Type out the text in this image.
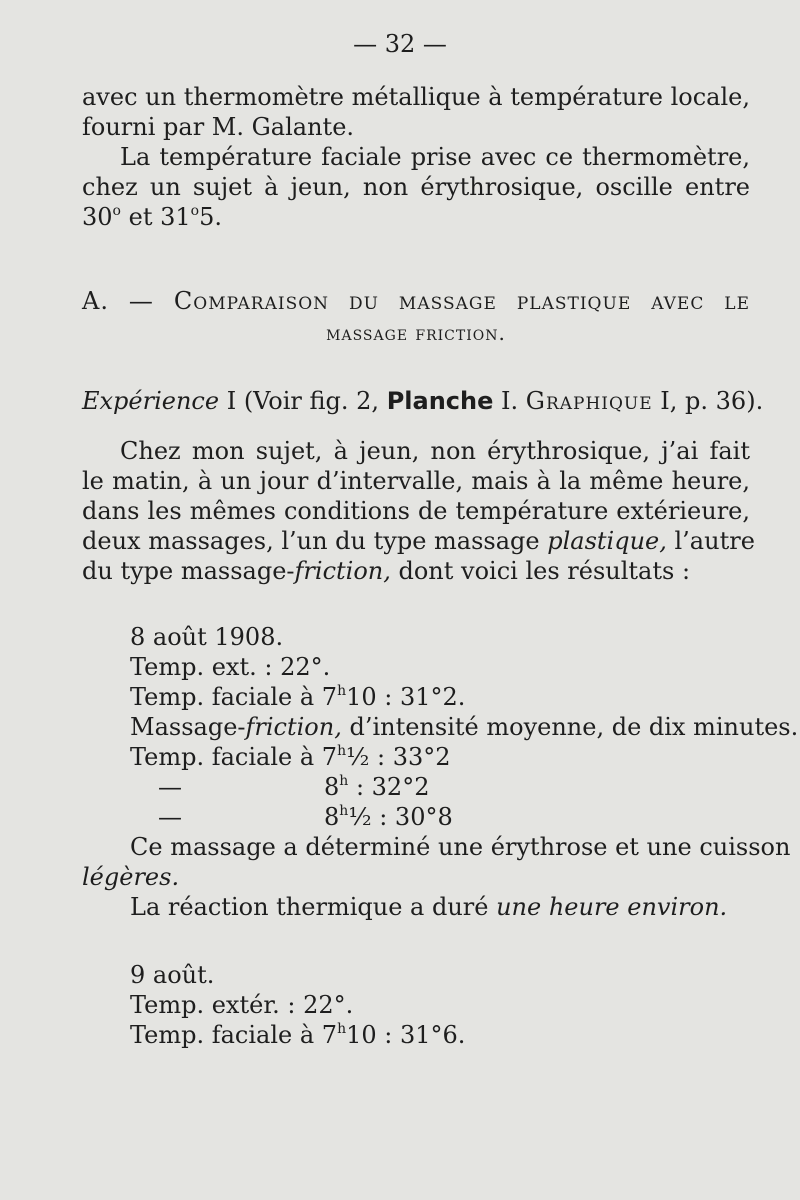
— 32 —
avec un thermomètre métallique à température locale,
fourni par M. Galante.
La température faciale prise avec ce thermomètre,
chez un sujet à jeun, non érythrosique, oscille entre
30$^o$ et 31$^o$5.
A. — Comparaison du massage plastique avec le
massage friction.
Expérience I (Voir fig. 2, Planche I. Graphique I, p. 36).
Chez mon sujet, à jeun, non érythrosique, j’ai fait
le matin, à un jour d’intervalle, mais à la même heure,
dans les mêmes conditions de température extérieure,
deux massages, l’un du type massage plastique, l’autre
du type massage-friction, dont voici les résultats :
8 août 1908.
Temp. ext. : 22°.
Temp. faciale à 7$^h$10 : 31°2.
Massage-friction, d’intensité moyenne, de dix minutes.
Temp. faciale à 7$^h$½ : 33°2
—	8$^h$ : 32°2
—	8$^h$½ : 30°8
Ce massage a déterminé une érythrose et une cuisson
légères.
La réaction thermique a duré une heure environ.
9 août.
Temp. extér. : 22°.
Temp. faciale à 7$^h$10 : 31°6.
